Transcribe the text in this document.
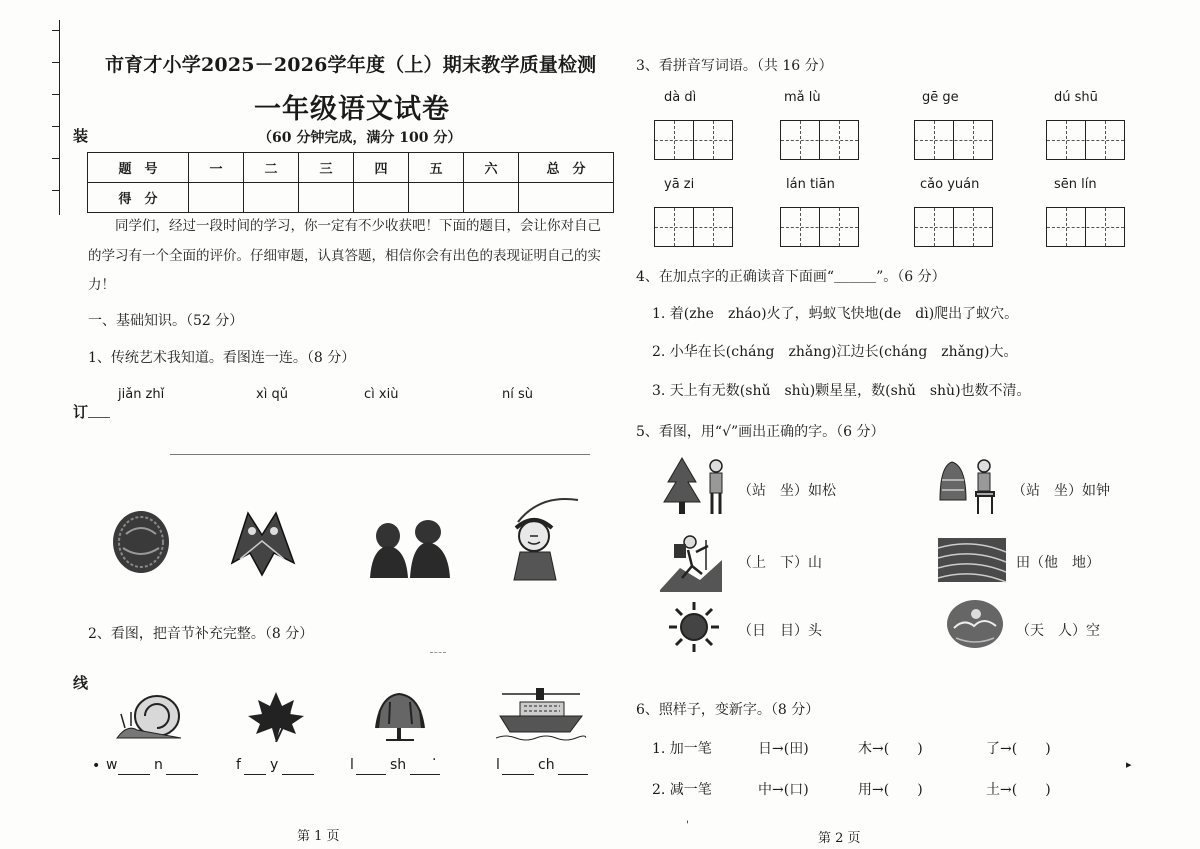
装
订
线
市育才小学2025－2026学年度（上）期末教学质量检测
一年级语文试卷
（60 分钟完成，满分 100 分）
题　号	一	二	三	四	五	六	总　分
得　分							
同学们，经过一段时间的学习，你一定有不少收获吧！下面的题目，会让你对自己的学习有一个全面的评价。仔细审题，认真答题，相信你会有出色的表现证明自己的实力！
一、基础知识。（52 分）
1、传统艺术我知道。看图连一连。（8 分）
jiǎn zhǐ	xì qǔ	cì xiù	ní sù
2、看图，把音节补充完整。（8 分）
• w	n	f y	l	sh ·	l	ch
第 1 页
'
3、看拼音写词语。（共 16 分）
dà dì	mǎ lù	gē ge	dú shū
yā zi	lán tiān	cǎo yuán	sēn lín
4、在加点字的正确读音下面画“＿＿＿”。（6 分）
1. 着(zhe　zháo)火了，蚂蚁飞快地(de　dì)爬出了蚁穴。
2. 小华在长(cháng　zhǎng)江边长(cháng　zhǎng)大。
3. 天上有无数(shǔ　shù)颗星星，数(shǔ　shù)也数不清。
5、看图，用“√”画出正确的字。（6 分）
（站　坐）如松	（站　坐）如钟
（上　下）山	田（他　地）
（日　目）头	（天　人）空
6、照样子，变新字。（8 分）
1. 加一笔	日→(田)	木→(　　)	了→(　　)
2. 减一笔	中→(口)	用→(　　)	土→(　　)
▸
第 2 页
